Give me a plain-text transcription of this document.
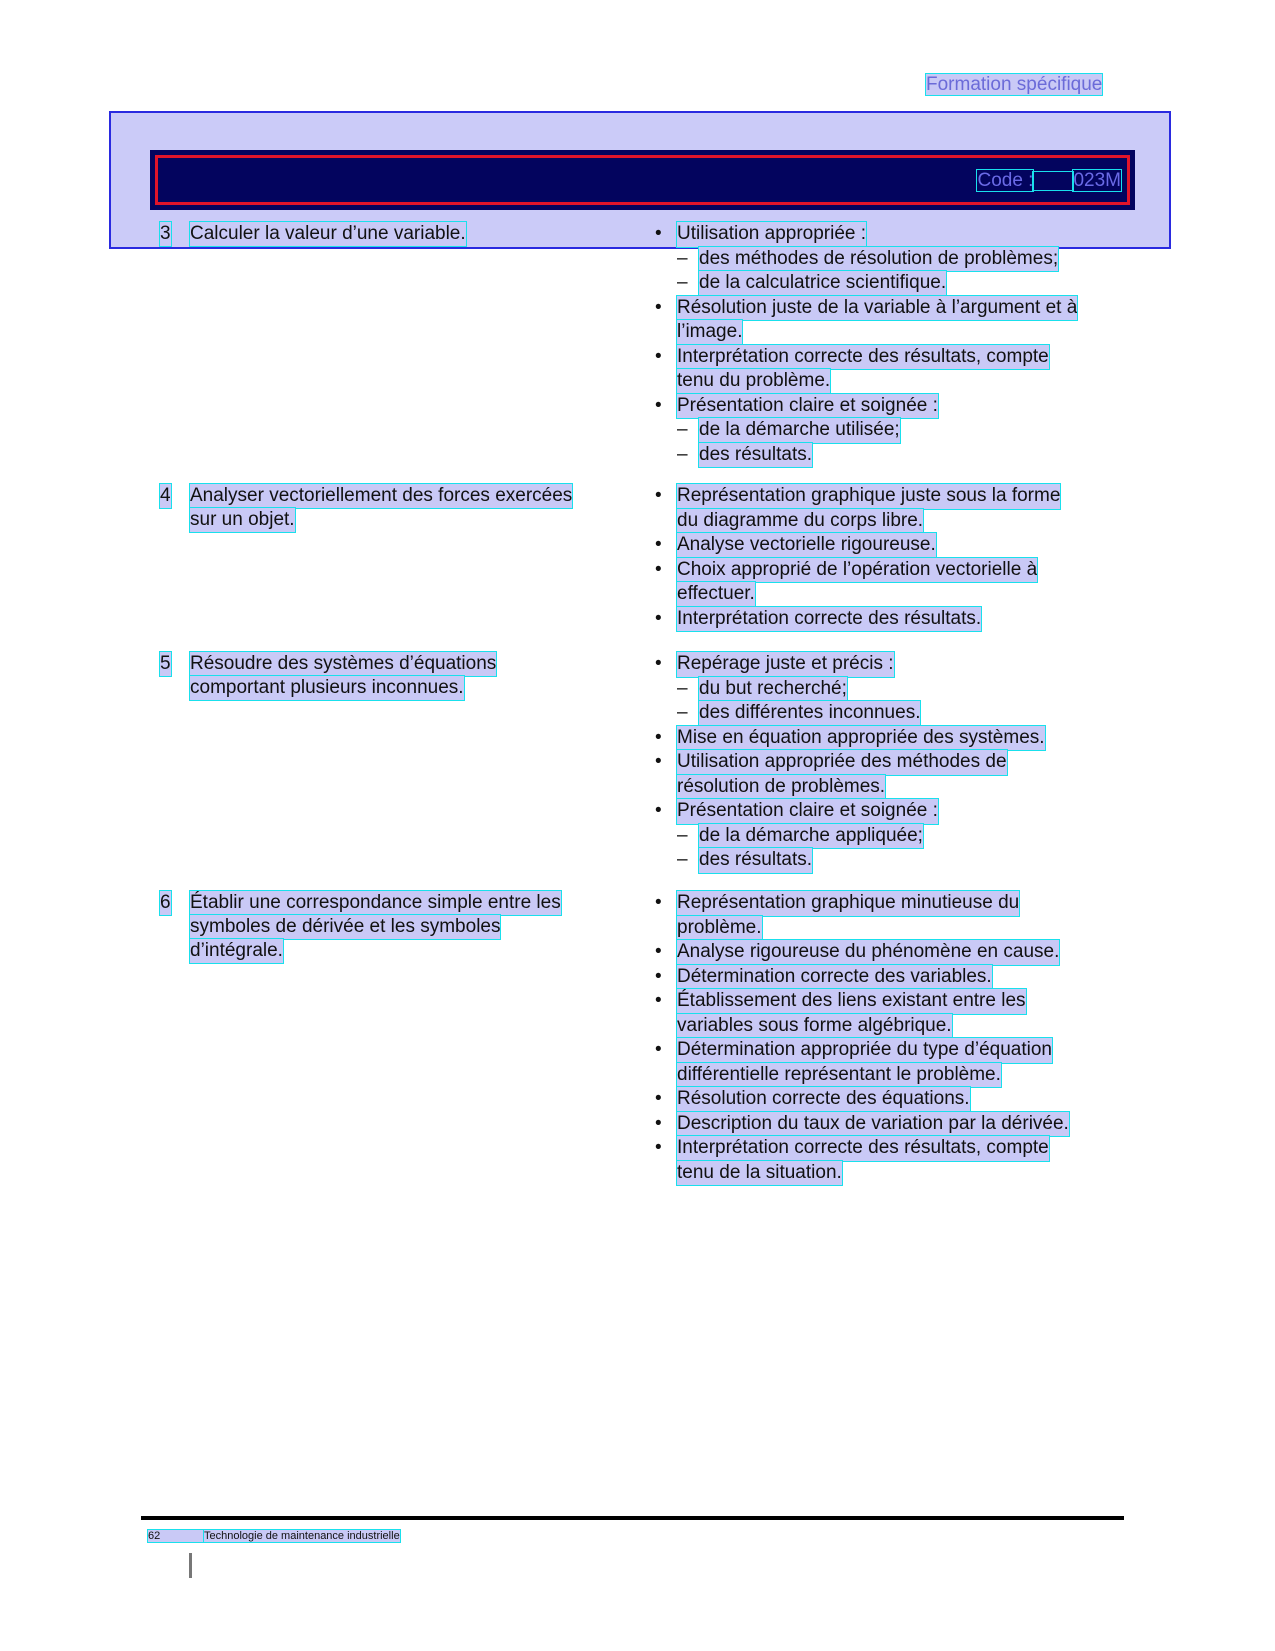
Formation spécifique
Code : 023M
62	Technologie de maintenance industrielle
3 Calculer la valeur d’une variable.	• Utilisation appropriée :
– des méthodes de résolution de problèmes;
– de la calculatrice scientifique.
• Résolution juste de la variable à l’argument et à
l’image.
• Interprétation correcte des résultats, compte
tenu du problème.
• Présentation claire et soignée :
– de la démarche utilisée;
– des résultats.
4 Analyser vectoriellement des forces exercées
sur un objet.
• Représentation graphique juste sous la forme
du diagramme du corps libre.
• Analyse vectorielle rigoureuse.
• Choix approprié de l’opération vectorielle à
effectuer.
• Interprétation correcte des résultats.
5 Résoudre des systèmes d’équations
comportant plusieurs inconnues.
• Repérage juste et précis :
– du but recherché;
– des différentes inconnues.
• Mise en équation appropriée des systèmes.
• Utilisation appropriée des méthodes de
résolution de problèmes.
• Présentation claire et soignée :
– de la démarche appliquée;
– des résultats.
6 Établir une correspondance simple entre les
symboles de dérivée et les symboles
d’intégrale.
• Représentation graphique minutieuse du
problème.
• Analyse rigoureuse du phénomène en cause.
• Détermination correcte des variables.
• Établissement des liens existant entre les
variables sous forme algébrique.
• Détermination appropriée du type d’équation
différentielle représentant le problème.
• Résolution correcte des équations.
• Description du taux de variation par la dérivée.
• Interprétation correcte des résultats, compte
tenu de la situation.
